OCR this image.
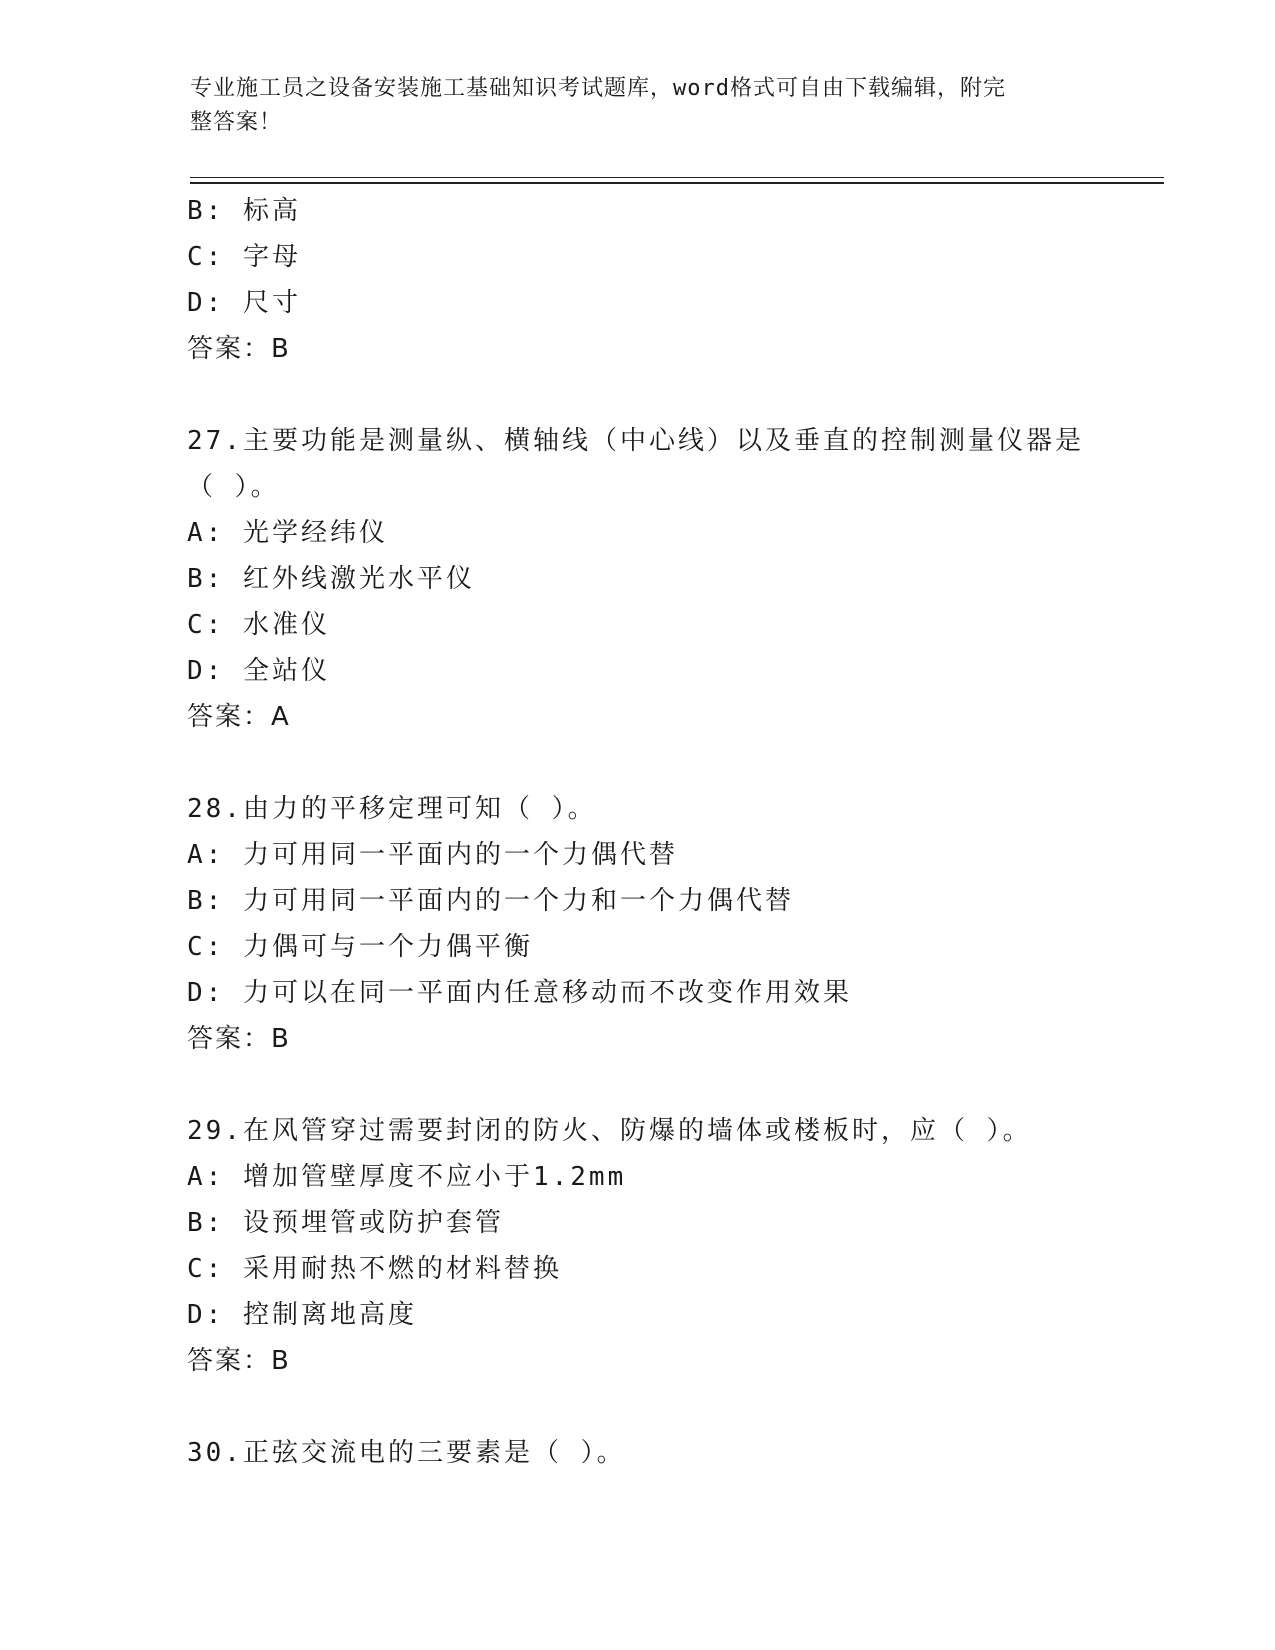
专业施工员之设备安装施工基础知识考试题库，word格式可自由下载编辑，附完
整答案！
B: 标高
C: 字母
D: 尺寸
答案：B
27.主要功能是测量纵、横轴线（中心线）以及垂直的控制测量仪器是
（ ）。
A: 光学经纬仪
B: 红外线激光水平仪
C: 水准仪
D: 全站仪
答案：A
28.由力的平移定理可知（ ）。
A: 力可用同一平面内的一个力偶代替
B: 力可用同一平面内的一个力和一个力偶代替
C: 力偶可与一个力偶平衡
D: 力可以在同一平面内任意移动而不改变作用效果
答案：B
29.在风管穿过需要封闭的防火、防爆的墙体或楼板时，应（ ）。
A: 增加管壁厚度不应小于1.2mm
B: 设预埋管或防护套管
C: 采用耐热不燃的材料替换
D: 控制离地高度
答案：B
30.正弦交流电的三要素是（ ）。
